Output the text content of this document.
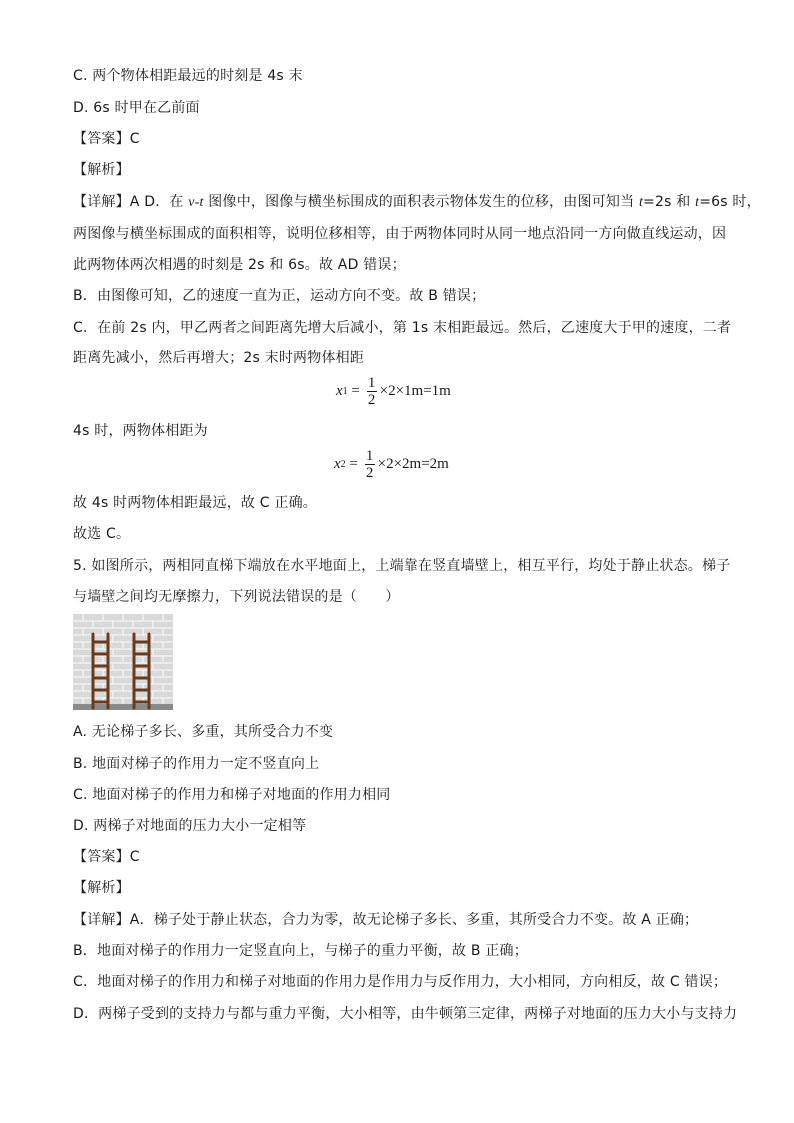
C. 两个物体相距最远的时刻是 4s 末
D. 6s 时甲在乙前面
【答案】C
【解析】
【详解】A D．在 v-t 图像中，图像与横坐标围成的面积表示物体发生的位移，由图可知当 t=2s 和 t=6s 时，
两图像与横坐标围成的面积相等，说明位移相等，由于两物体同时从同一地点沿同一方向做直线运动，因
此两物体两次相遇的时刻是 2s 和 6s。故 AD 错误；
B．由图像可知，乙的速度一直为正，运动方向不变。故 B 错误；
C．在前 2s 内，甲乙两者之间距离先增大后减小，第 1s 末相距最远。然后，乙速度大于甲的速度，二者
距离先减小，然后再增大；2s 末时两物体相距
x $1 = \frac{1}{2} \times 2\times 1m=1m$
4s 时，两物体相距为
x $2 = \frac{1}{2} \times 2\times 2m=2m$
故 4s 时两物体相距最远，故 C 正确。
故选 C。
5. 如图所示，两相同直梯下端放在水平地面上，上端靠在竖直墙壁上，相互平行，均处于静止状态。梯子
与墙壁之间均无摩擦力，下列说法错误的是（　　）
A. 无论梯子多长、多重，其所受合力不变
B. 地面对梯子的作用力一定不竖直向上
C. 地面对梯子的作用力和梯子对地面的作用力相同
D. 两梯子对地面的压力大小一定相等
【答案】C
【解析】
【详解】A．梯子处于静止状态，合力为零，故无论梯子多长、多重，其所受合力不变。故 A 正确；
B．地面对梯子的作用力一定竖直向上，与梯子的重力平衡，故 B 正确；
C．地面对梯子的作用力和梯子对地面的作用力是作用力与反作用力，大小相同，方向相反，故 C 错误；
D．两梯子受到的支持力与都与重力平衡，大小相等，由牛顿第三定律，两梯子对地面的压力大小与支持力
